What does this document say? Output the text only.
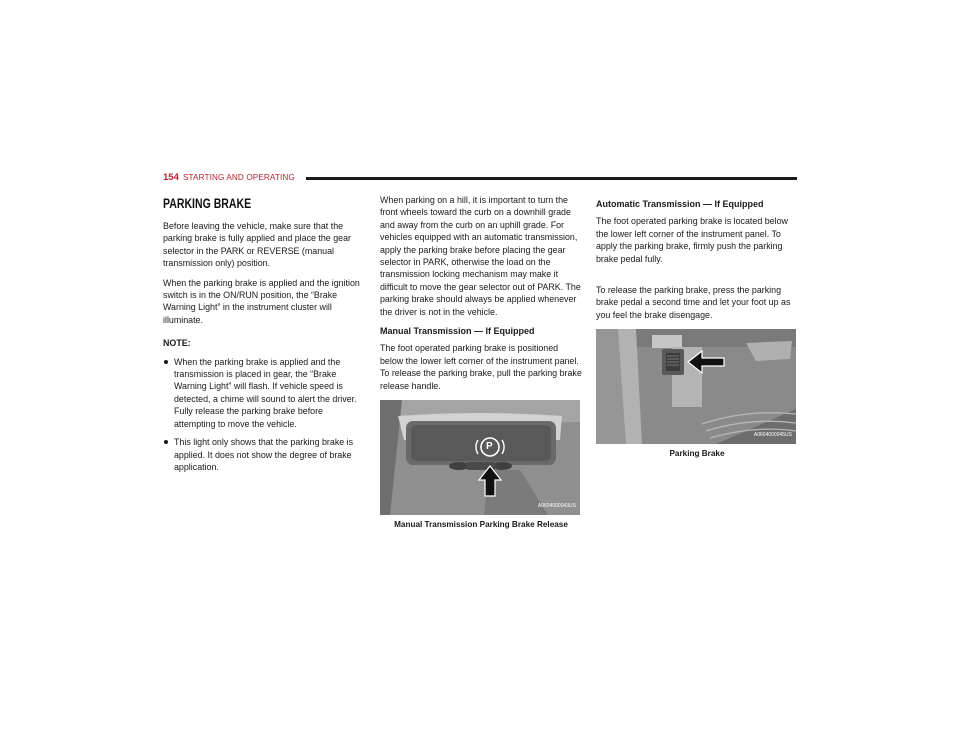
154 STARTING AND OPERATING
PARKING BRAKE

Before leaving the vehicle, make sure that the parking brake is fully applied and place the gear selector in the PARK or REVERSE (manual transmission only) position.

When the parking brake is applied and the ignition switch is in the ON/RUN position, the “Brake Warning Light” in the instrument cluster will illuminate.

NOTE:
When the parking brake is applied and the transmission is placed in gear, the “Brake Warning Light” will flash. If vehicle speed is detected, a chime will sound to alert the driver. Fully release the parking brake before attempting to move the vehicle.
This light only shows that the parking brake is applied. It does not show the degree of brake application.

When parking on a hill, it is important to turn the front wheels toward the curb on a downhill grade and away from the curb on an uphill grade. For vehicles equipped with an automatic transmission, apply the parking brake before placing the gear selector in PARK, otherwise the load on the transmission locking mechanism may make it difficult to move the gear selector out of PARK. The parking brake should always be applied whenever the driver is not in the vehicle.

Manual Transmission — If Equipped

The foot operated parking brake is positioned below the lower left corner of the instrument panel. To release the parking brake, pull the parking brake release handle.

P
A0604000043US
Manual Transmission Parking Brake Release
Automatic Transmission — If Equipped

The foot operated parking brake is located below the lower left corner of the instrument panel. To apply the parking brake, firmly push the parking brake pedal fully.

To release the parking brake, press the parking brake pedal a second time and let your foot up as you feel the brake disengage.

A0604000045US
Parking Brake
